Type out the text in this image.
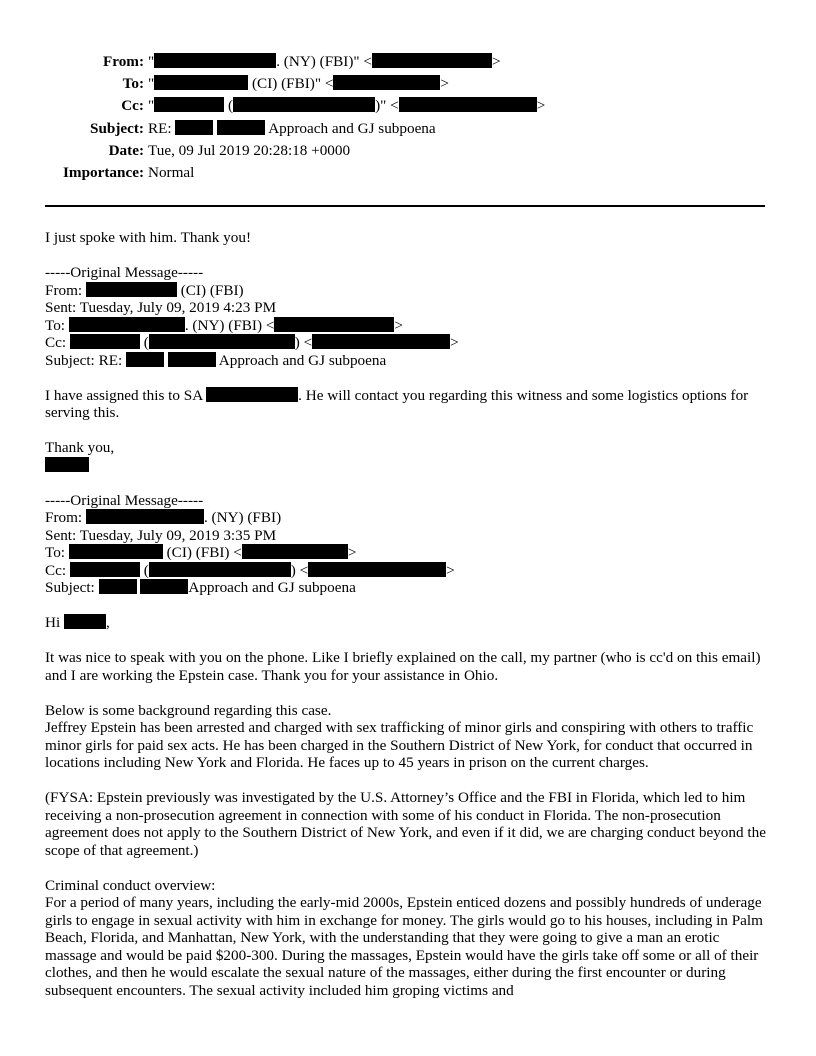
From: "	. (NY) (FBI)" <	>
To: "	(CI) (FBI)" <	>
Cc: "	(	)" <	>
Subject: RE:	Approach and GJ subpoena
Date: Tue, 09 Jul 2019 20:28:18 +0000
Importance: Normal
I just spoke with him. Thank you!
-----Original Message-----
From:	(CI) (FBI)
Sent: Tuesday, July 09, 2019 4:23 PM
To:	. (NY) (FBI) <	>
Cc:	(	) <	>
Subject: RE:	Approach and GJ subpoena
I have assigned this to SA	. He will contact you regarding this witness and some logistics options for serving this.
Thank you,
-----Original Message-----
From:	. (NY) (FBI)
Sent: Tuesday, July 09, 2019 3:35 PM
To:	(CI) (FBI) <	>
Cc:	(	) <	>
Subject:	Approach and GJ subpoena
Hi	,
It was nice to speak with you on the phone. Like I briefly explained on the call, my partner (who is cc'd on this email) and I are working the Epstein case. Thank you for your assistance in Ohio.
Below is some background regarding this case.
Jeffrey Epstein has been arrested and charged with sex trafficking of minor girls and conspiring with others to traffic minor girls for paid sex acts. He has been charged in the Southern District of New York, for conduct that occurred in locations including New York and Florida. He faces up to 45 years in prison on the current charges.
(FYSA: Epstein previously was investigated by the U.S. Attorney’s Office and the FBI in Florida, which led to him receiving a non-prosecution agreement in connection with some of his conduct in Florida. The non-prosecution agreement does not apply to the Southern District of New York, and even if it did, we are charging conduct beyond the scope of that agreement.)
Criminal conduct overview:
For a period of many years, including the early-mid 2000s, Epstein enticed dozens and possibly hundreds of underage girls to engage in sexual activity with him in exchange for money. The girls would go to his houses, including in Palm Beach, Florida, and Manhattan, New York, with the understanding that they were going to give a man an erotic massage and would be paid $200-300. During the massages, Epstein would have the girls take off some or all of their clothes, and then he would escalate the sexual nature of the massages, either during the first encounter or during subsequent encounters. The sexual activity included him groping victims and
